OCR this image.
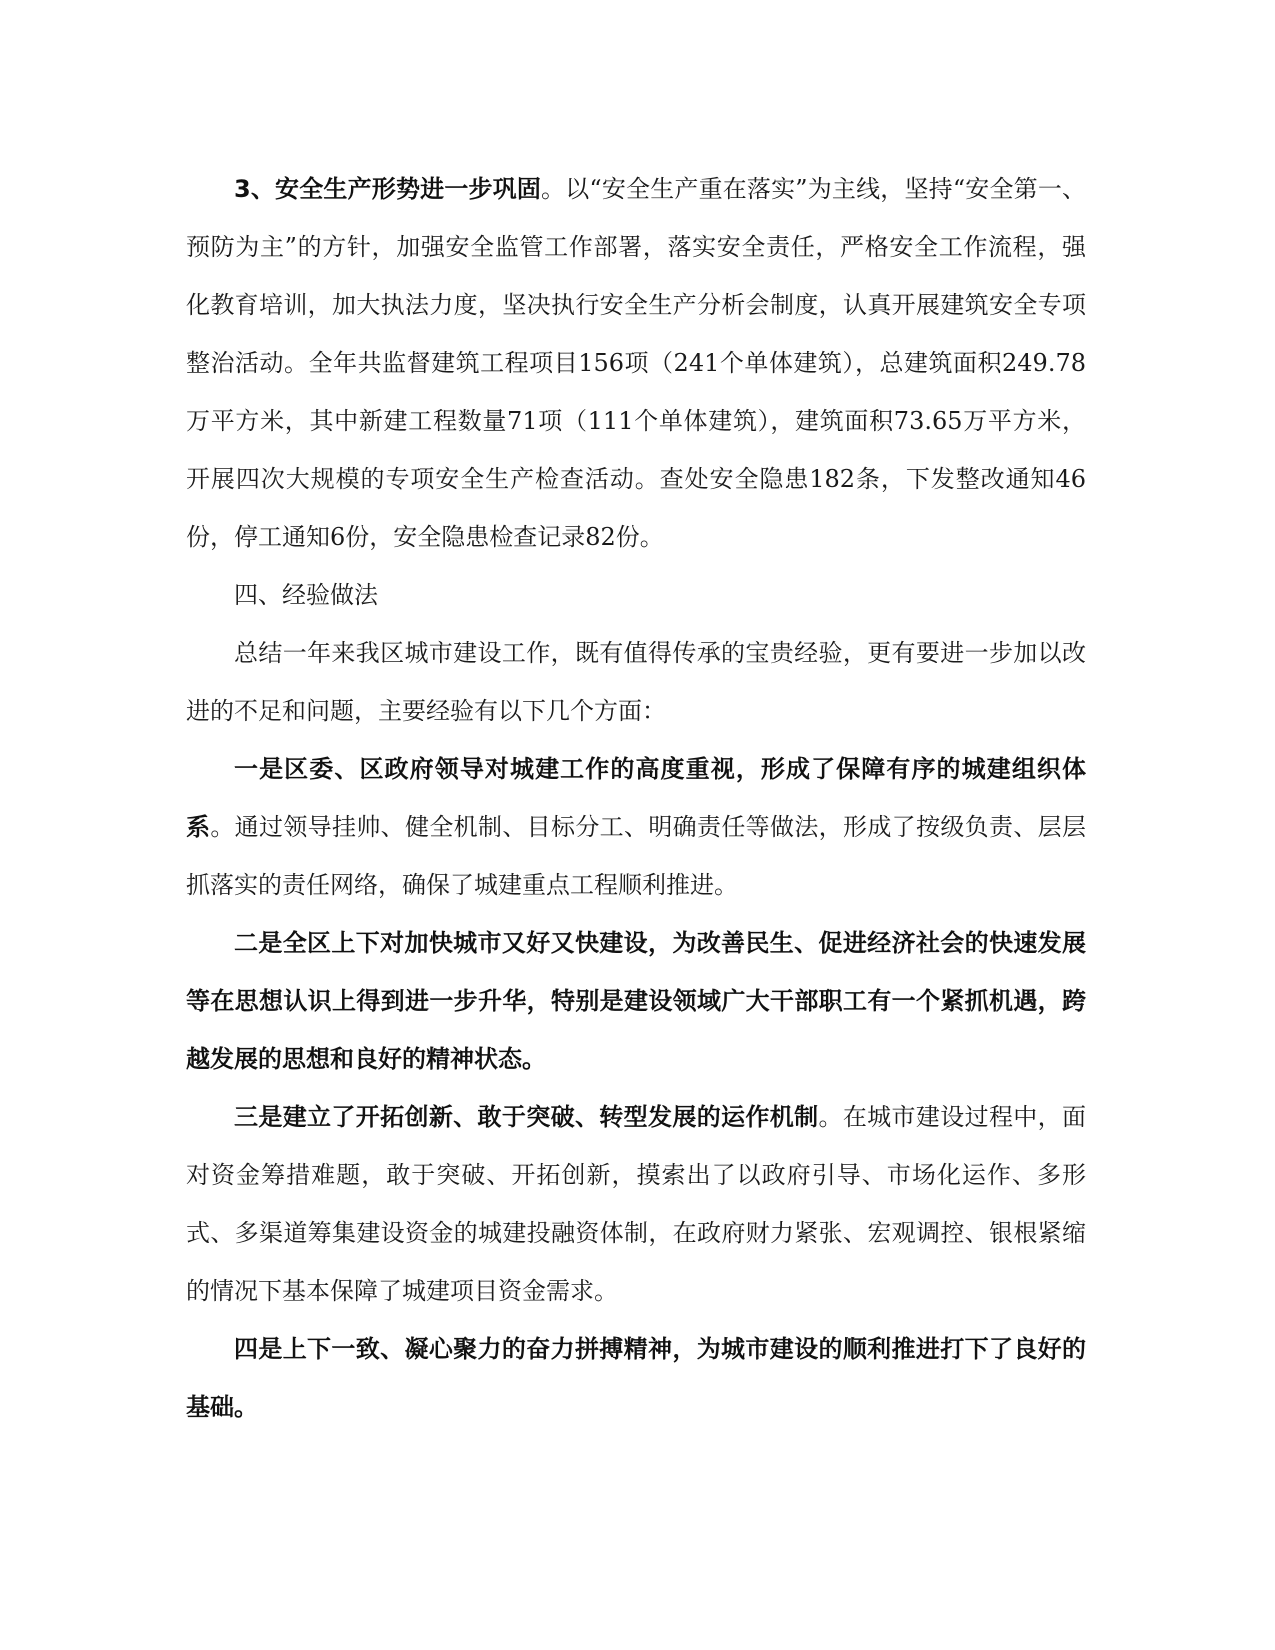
3、安全生产形势进一步巩固。以“安全生产重在落实”为主线，坚持“安全第一、预防为主”的方针，加强安全监管工作部署，落实安全责任，严格安全工作流程，强化教育培训，加大执法力度，坚决执行安全生产分析会制度，认真开展建筑安全专项整治活动。全年共监督建筑工程项目156项（241个单体建筑），总建筑面积249.78万平方米，其中新建工程数量71项（111个单体建筑），建筑面积73.65万平方米，开展四次大规模的专项安全生产检查活动。查处安全隐患182条，下发整改通知46份，停工通知6份，安全隐患检查记录82份。

四、经验做法

总结一年来我区城市建设工作，既有值得传承的宝贵经验，更有要进一步加以改进的不足和问题，主要经验有以下几个方面：

一是区委、区政府领导对城建工作的高度重视，形成了保障有序的城建组织体系。通过领导挂帅、健全机制、目标分工、明确责任等做法，形成了按级负责、层层抓落实的责任网络，确保了城建重点工程顺利推进。

二是全区上下对加快城市又好又快建设，为改善民生、促进经济社会的快速发展等在思想认识上得到进一步升华，特别是建设领域广大干部职工有一个紧抓机遇，跨越发展的思想和良好的精神状态。

三是建立了开拓创新、敢于突破、转型发展的运作机制。在城市建设过程中，面对资金筹措难题，敢于突破、开拓创新，摸索出了以政府引导、市场化运作、多形式、多渠道筹集建设资金的城建投融资体制，在政府财力紧张、宏观调控、银根紧缩的情况下基本保障了城建项目资金需求。

四是上下一致、凝心聚力的奋力拼搏精神，为城市建设的顺利推进打下了良好的基础。
